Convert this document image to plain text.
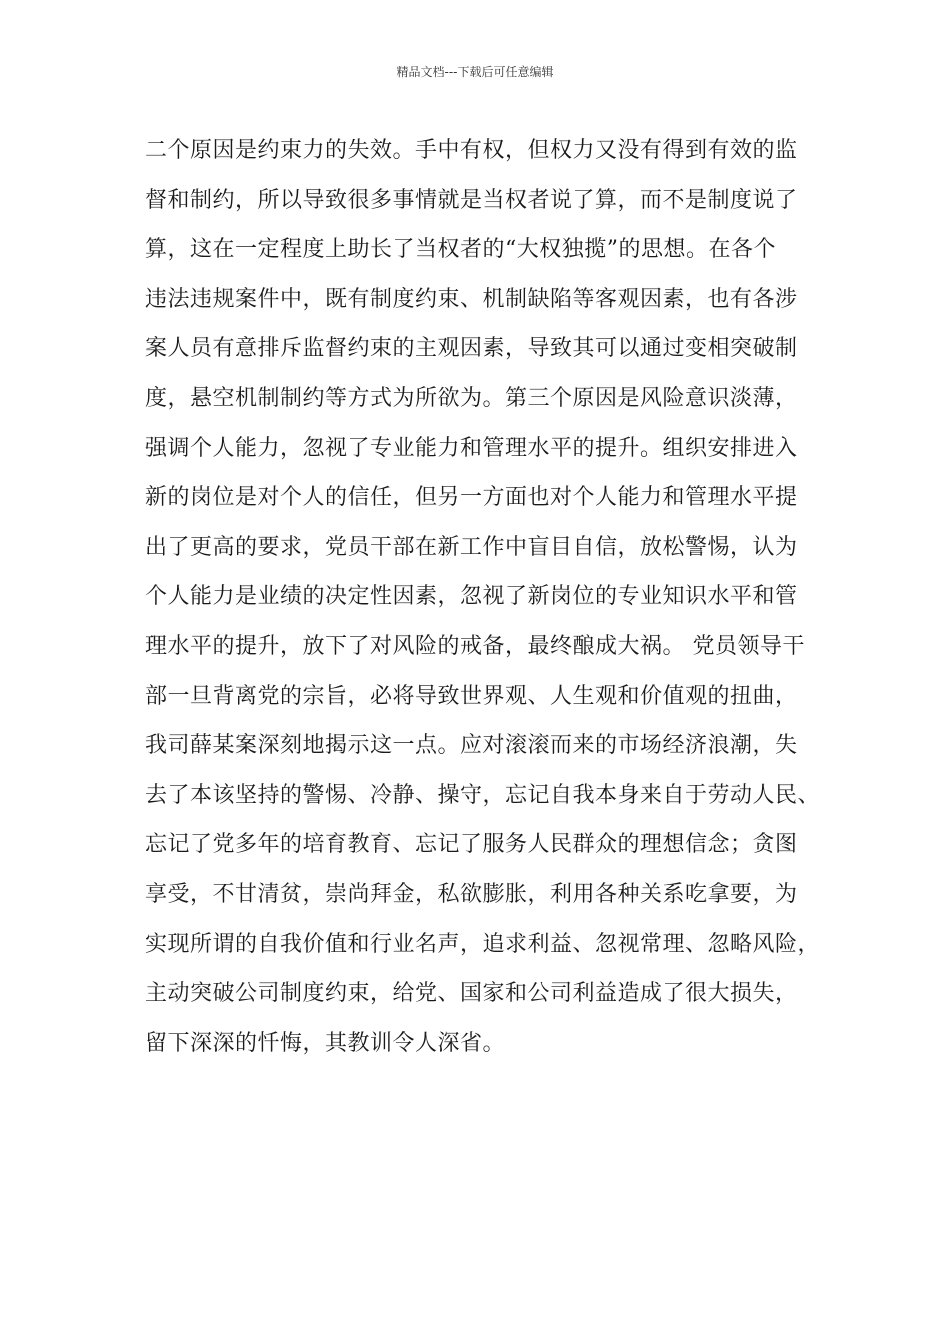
精品文档---下载后可任意编辑
二个原因是约束力的失效。手中有权，但权力又没有得到有效的监
督和制约，所以导致很多事情就是当权者说了算，而不是制度说了
算，这在一定程度上助长了当权者的“大权独揽”的思想。在各个
违法违规案件中，既有制度约束、机制缺陷等客观因素，也有各涉
案人员有意排斥监督约束的主观因素，导致其可以通过变相突破制
度，悬空机制制约等方式为所欲为。第三个原因是风险意识淡薄，
强调个人能力，忽视了专业能力和管理水平的提升。组织安排进入
新的岗位是对个人的信任，但另一方面也对个人能力和管理水平提
出了更高的要求，党员干部在新工作中盲目自信，放松警惕，认为
个人能力是业绩的决定性因素，忽视了新岗位的专业知识水平和管
理水平的提升，放下了对风险的戒备，最终酿成大祸。 党员领导干
部一旦背离党的宗旨，必将导致世界观、人生观和价值观的扭曲，
我司薛某案深刻地揭示这一点。应对滚滚而来的市场经济浪潮，失
去了本该坚持的警惕、冷静、操守，忘记自我本身来自于劳动人民、
忘记了党多年的培育教育、忘记了服务人民群众的理想信念；贪图
享受，不甘清贫，崇尚拜金，私欲膨胀，利用各种关系吃拿要，为
实现所谓的自我价值和行业名声，追求利益、忽视常理、忽略风险，
主动突破公司制度约束，给党、国家和公司利益造成了很大损失，
留下深深的忏悔，其教训令人深省。
